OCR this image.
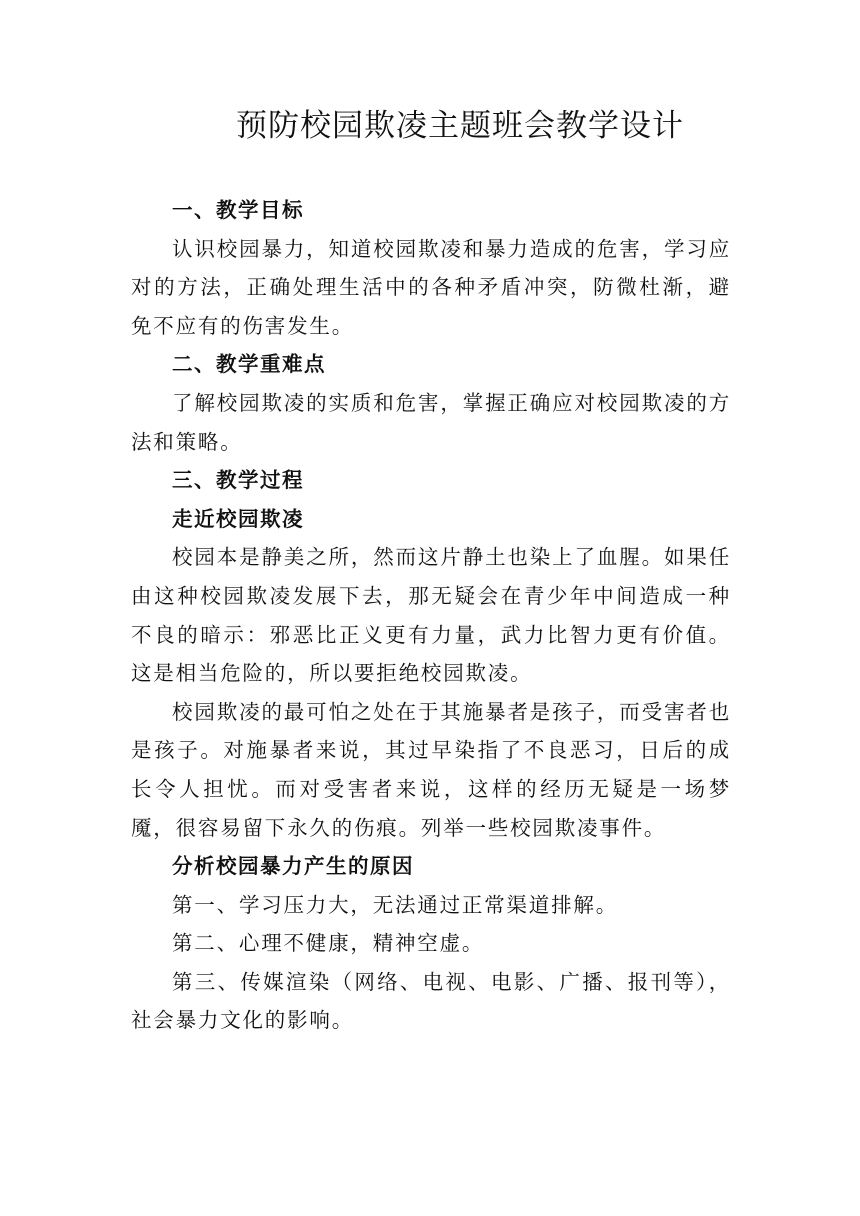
预防校园欺凌主题班会教学设计
一、教学目标

认识校园暴力，知道校园欺凌和暴力造成的危害，学习应对的方法，正确处理生活中的各种矛盾冲突，防微杜渐，避免不应有的伤害发生。

二、教学重难点

了解校园欺凌的实质和危害，掌握正确应对校园欺凌的方法和策略。

三、教学过程
走近校园欺凌

校园本是静美之所，然而这片静土也染上了血腥。如果任由这种校园欺凌发展下去，那无疑会在青少年中间造成一种不良的暗示：邪恶比正义更有力量，武力比智力更有价值。这是相当危险的，所以要拒绝校园欺凌。

校园欺凌的最可怕之处在于其施暴者是孩子，而受害者也是孩子。对施暴者来说，其过早染指了不良恶习，日后的成长令人担忧。而对受害者来说，这样的经历无疑是一场梦魇，很容易留下永久的伤痕。列举一些校园欺凌事件。

分析校园暴力产生的原因

第一、学习压力大，无法通过正常渠道排解。

第二、心理不健康，精神空虚。

第三、传媒渲染（网络、电视、电影、广播、报刊等），社会暴力文化的影响。
